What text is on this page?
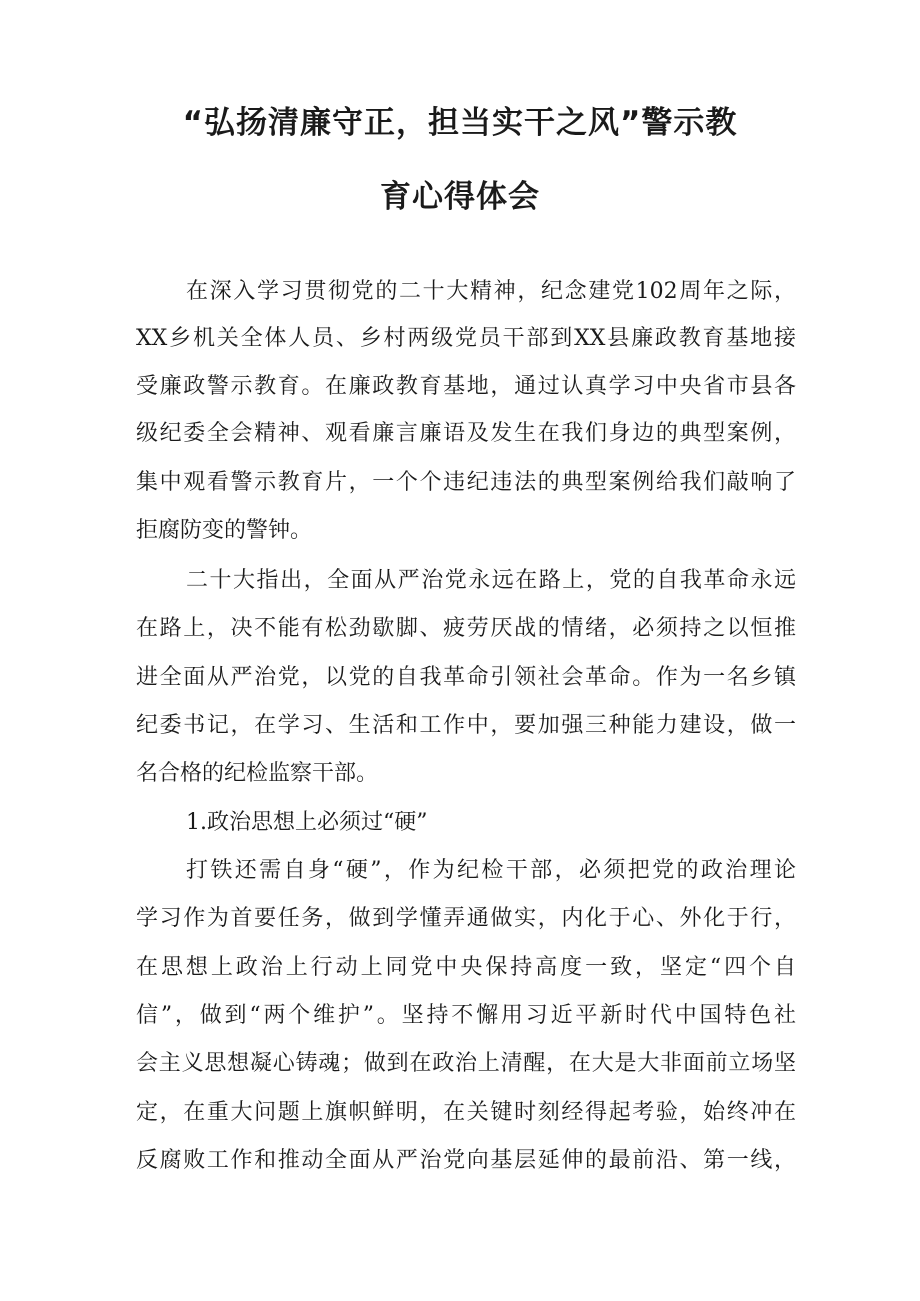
“弘扬清廉守正，担当实干之风”警示教
育心得体会
在深入学习贯彻党的二十大精神，纪念建党102周年之际，
XX乡机关全体人员、乡村两级党员干部到XX县廉政教育基地接
受廉政警示教育。在廉政教育基地，通过认真学习中央省市县各
级纪委全会精神、观看廉言廉语及发生在我们身边的典型案例，
集中观看警示教育片，一个个违纪违法的典型案例给我们敲响了
拒腐防变的警钟。
二十大指出，全面从严治党永远在路上，党的自我革命永远
在路上，决不能有松劲歇脚、疲劳厌战的情绪，必须持之以恒推
进全面从严治党，以党的自我革命引领社会革命。作为一名乡镇
纪委书记，在学习、生活和工作中，要加强三种能力建设，做一
名合格的纪检监察干部。
1.政治思想上必须过“硬”
打铁还需自身“硬”，作为纪检干部，必须把党的政治理论
学习作为首要任务，做到学懂弄通做实，内化于心、外化于行，
在思想上政治上行动上同党中央保持高度一致，坚定“四个自
信”，做到“两个维护”。坚持不懈用习近平新时代中国特色社
会主义思想凝心铸魂；做到在政治上清醒，在大是大非面前立场坚
定，在重大问题上旗帜鲜明，在关键时刻经得起考验，始终冲在
反腐败工作和推动全面从严治党向基层延伸的最前沿、第一线，
